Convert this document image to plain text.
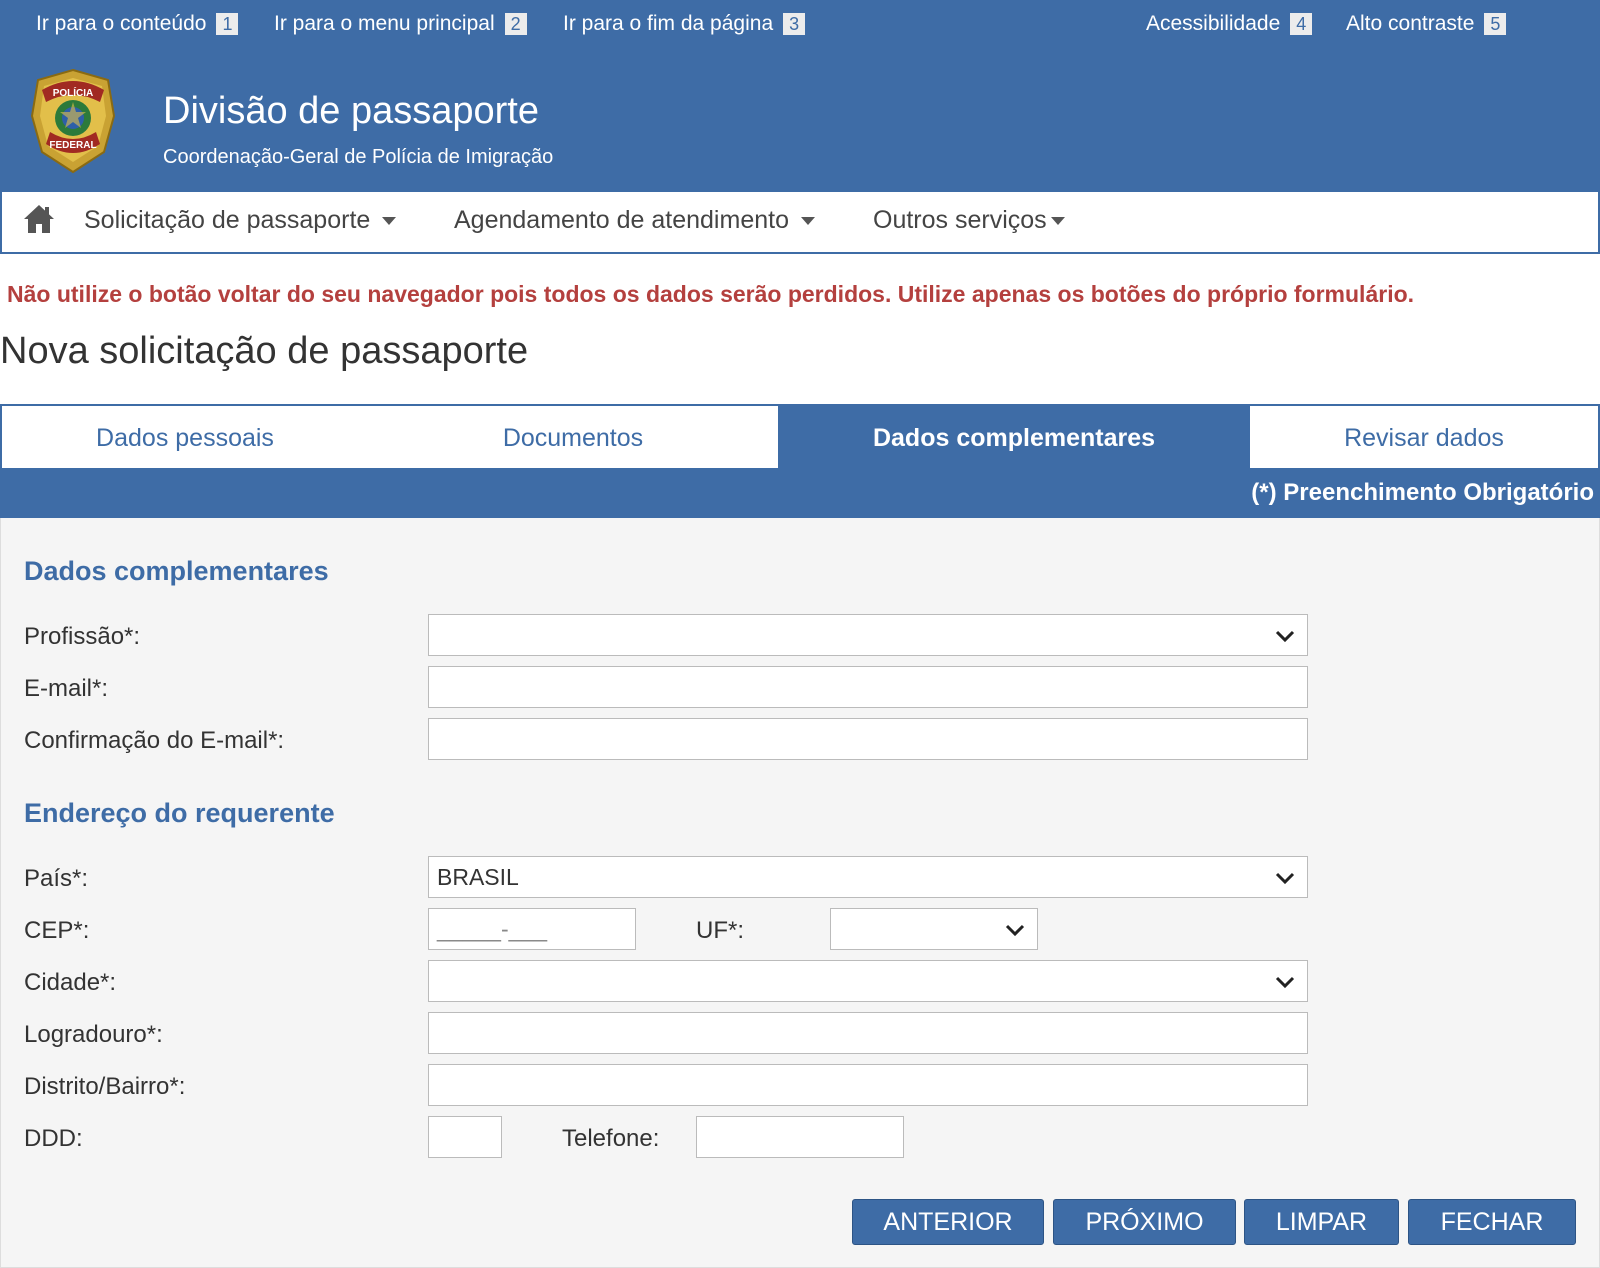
Ir para o conteúdo 1 Ir para o menu principal 2 Ir para o fim da página 3	Acessibilidade 4 Alto contraste 5
POLÍCIA
FEDERAL
Divisão de passaporte
Coordenação-Geral de Polícia de Imigração
Solicitação de passaporte	Agendamento de atendimento	Outros serviços
Não utilize o botão voltar do seu navegador pois todos os dados serão perdidos. Utilize apenas os botões do próprio formulário.
Nova solicitação de passaporte
Dados pessoais	Documentos	Dados complementares	Revisar dados
(*) Preenchimento Obrigatório
Dados complementares
Profissão*:
E-mail*:
Confirmação do E-mail*:
Endereço do requerente
País*:	BRASIL
CEP*:	_____-___	UF*:
Cidade*:
Logradouro*:
Distrito/Bairro*:
DDD:	Telefone:
ANTERIOR	PRÓXIMO	LIMPAR	FECHAR
